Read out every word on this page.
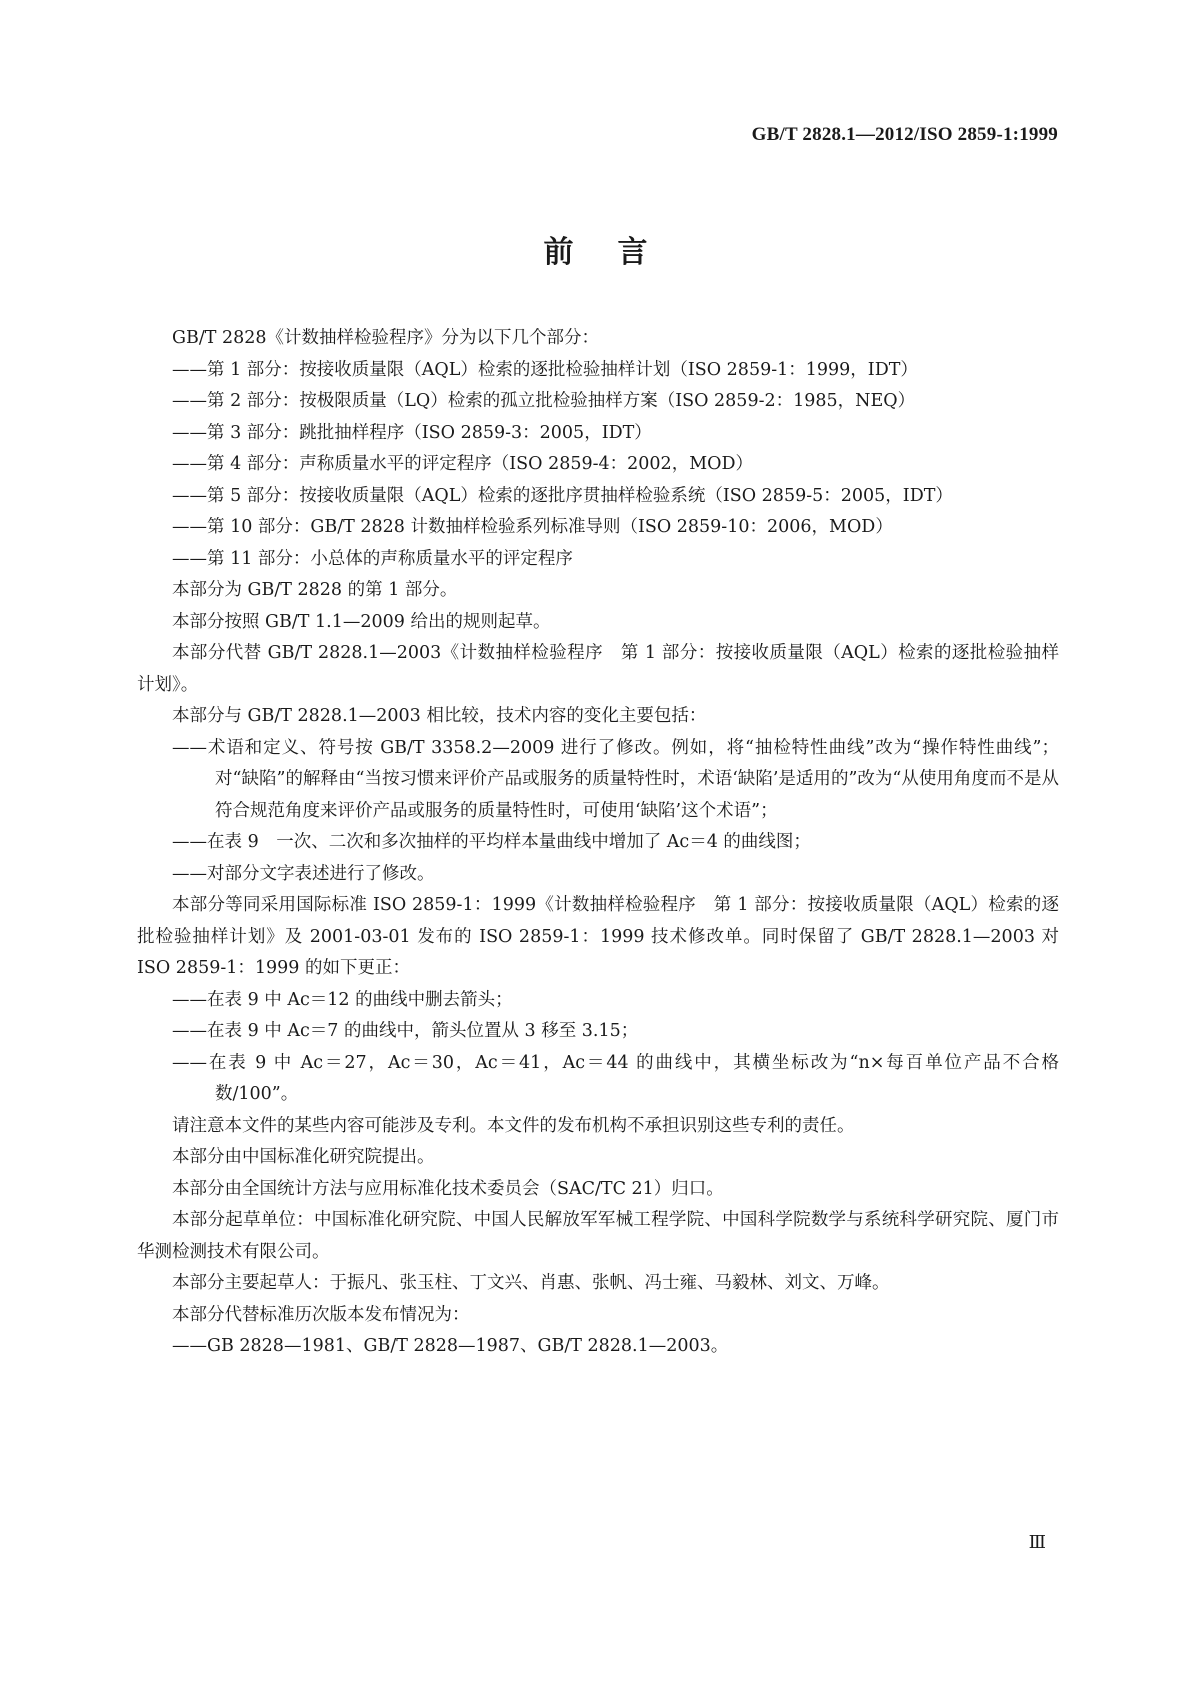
GB/T 2828.1—2012/ISO 2859-1:1999
前言

GB/T 2828《计数抽样检验程序》分为以下几个部分：

——第 1 部分：按接收质量限（AQL）检索的逐批检验抽样计划（ISO 2859-1：1999，IDT）

——第 2 部分：按极限质量（LQ）检索的孤立批检验抽样方案（ISO 2859-2：1985，NEQ）

——第 3 部分：跳批抽样程序（ISO 2859-3：2005，IDT）

——第 4 部分：声称质量水平的评定程序（ISO 2859-4：2002，MOD）

——第 5 部分：按接收质量限（AQL）检索的逐批序贯抽样检验系统（ISO 2859-5：2005，IDT）

——第 10 部分：GB/T 2828 计数抽样检验系列标准导则（ISO 2859-10：2006，MOD）

——第 11 部分：小总体的声称质量水平的评定程序

本部分为 GB/T 2828 的第 1 部分。

本部分按照 GB/T 1.1—2009 给出的规则起草。

本部分代替 GB/T 2828.1—2003《计数抽样检验程序　第 1 部分：按接收质量限（AQL）检索的逐批检验抽样计划》。

本部分与 GB/T 2828.1—2003 相比较，技术内容的变化主要包括：

——术语和定义、符号按 GB/T 3358.2—2009 进行了修改。例如，将“抽检特性曲线”改为“操作特性曲线”；对“缺陷”的解释由“当按习惯来评价产品或服务的质量特性时，术语‘缺陷’是适用的”改为“从使用角度而不是从符合规范角度来评价产品或服务的质量特性时，可使用‘缺陷’这个术语”；

——在表 9　一次、二次和多次抽样的平均样本量曲线中增加了 Ac＝4 的曲线图；

——对部分文字表述进行了修改。

本部分等同采用国际标准 ISO 2859-1：1999《计数抽样检验程序　第 1 部分：按接收质量限（AQL）检索的逐批检验抽样计划》及 2001-03-01 发布的 ISO 2859-1：1999 技术修改单。同时保留了 GB/T 2828.1—2003 对 ISO 2859-1：1999 的如下更正：

——在表 9 中 Ac＝12 的曲线中删去箭头；

——在表 9 中 Ac＝7 的曲线中，箭头位置从 3 移至 3.15；

——在表 9 中 Ac＝27，Ac＝30，Ac＝41，Ac＝44 的曲线中，其横坐标改为“n×每百单位产品不合格数/100”。

请注意本文件的某些内容可能涉及专利。本文件的发布机构不承担识别这些专利的责任。

本部分由中国标准化研究院提出。

本部分由全国统计方法与应用标准化技术委员会（SAC/TC 21）归口。

本部分起草单位：中国标准化研究院、中国人民解放军军械工程学院、中国科学院数学与系统科学研究院、厦门市华测检测技术有限公司。

本部分主要起草人：于振凡、张玉柱、丁文兴、肖惠、张帆、冯士雍、马毅林、刘文、万峰。

本部分代替标准历次版本发布情况为：

——GB 2828—1981、GB/T 2828—1987、GB/T 2828.1—2003。

Ⅲ
